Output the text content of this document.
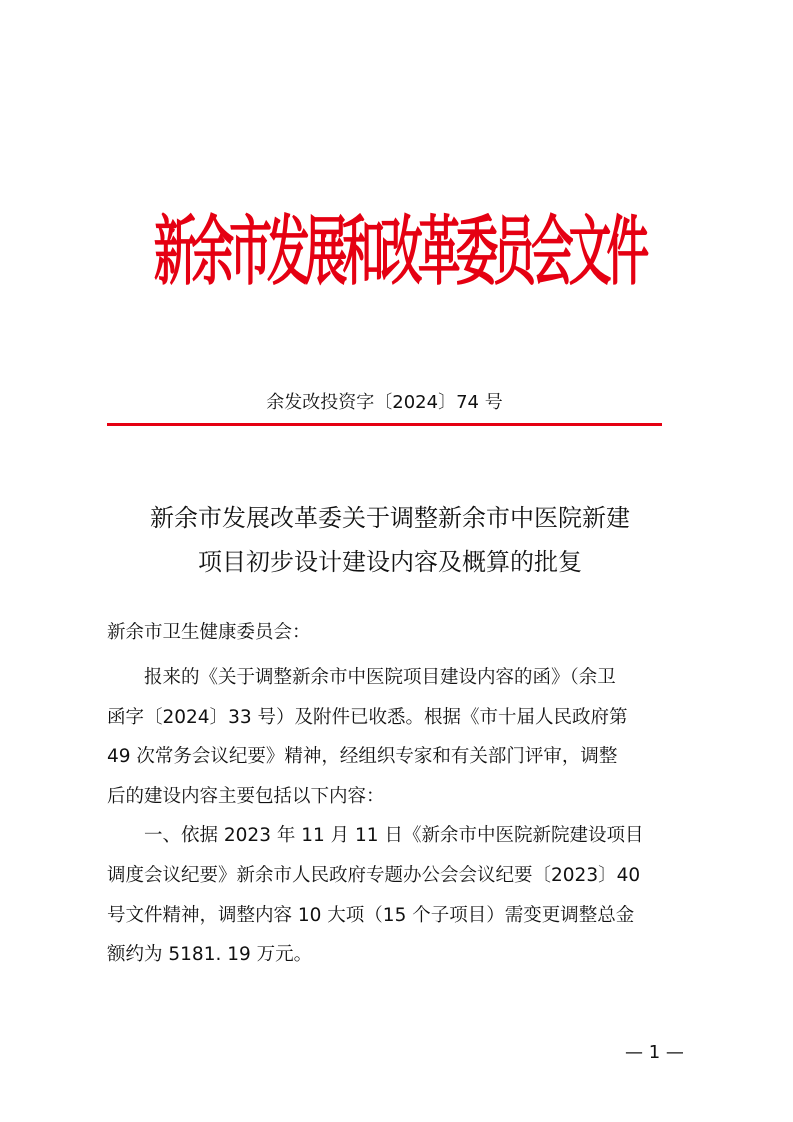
新余市发展和改革委员会文件
余发改投资字〔2024〕74 号
新余市发展改革委关于调整新余市中医院新建
项目初步设计建设内容及概算的批复
新余市卫生健康委员会：
报来的《关于调整新余市中医院项目建设内容的函》（余卫
函字〔2024〕33 号）及附件已收悉。根据《市十届人民政府第
49 次常务会议纪要》精神，经组织专家和有关部门评审，调整
后的建设内容主要包括以下内容：
一、依据 2023 年 11 月 11 日《新余市中医院新院建设项目
调度会议纪要》新余市人民政府专题办公会会议纪要〔2023〕40
号文件精神，调整内容 10 大项（15 个子项目）需变更调整总金
额约为 5181. 19 万元。
— 1 —
